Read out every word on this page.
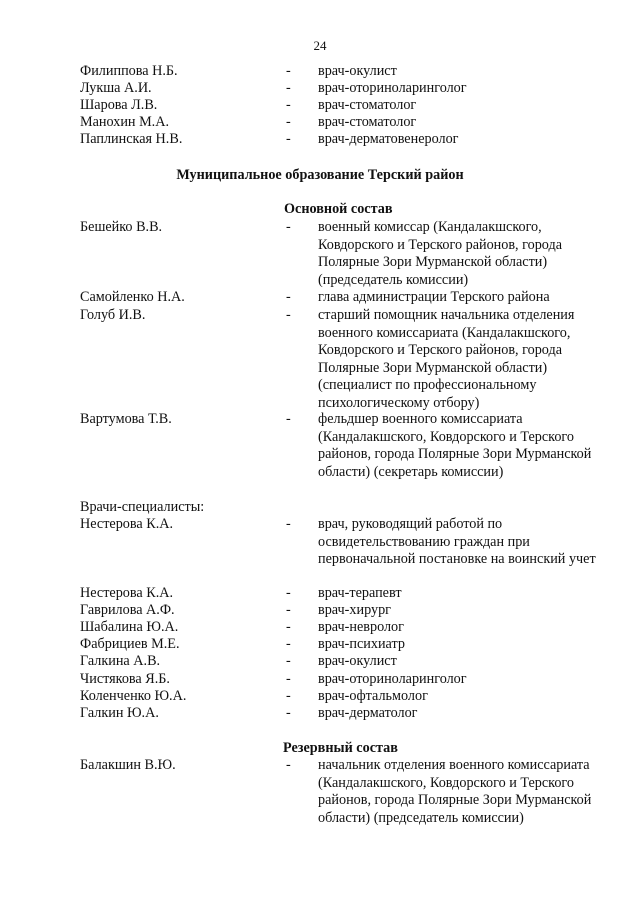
24
Филиппова Н.Б.	- врач-окулист
Лукша А.И.	- врач-оториноларинголог
Шарова Л.В.	- врач-стоматолог
Манохин М.А.	- врач-стоматолог
Паплинская Н.В.	- врач-дерматовенеролог
Муниципальное образование Терский район
Основной состав
Бешейко В.В.	- военный комиссар (Кандалакшского, Ковдорского и Терского районов, города Полярные Зори Мурманской области) (председатель комиссии)
Самойленко Н.А.	- глава администрации Терского района
Голуб И.В.	- старший помощник начальника отделения военного комиссариата (Кандалакшского, Ковдорского и Терского районов, города Полярные Зори Мурманской области) (специалист по профессиональному психологическому отбору)
Вартумова Т.В.	- фельдшер военного комиссариата (Кандалакшского, Ковдорского и Терского районов, города Полярные Зори Мурманской области) (секретарь комиссии)
Врачи-специалисты:
Нестерова К.А.	- врач, руководящий работой по освидетельствованию граждан при первоначальной постановке на воинский учет
Нестерова К.А.	- врач-терапевт
Гаврилова А.Ф.	- врач-хирург
Шабалина Ю.А.	- врач-невролог
Фабрициев М.Е.	- врач-психиатр
Галкина А.В.	- врач-окулист
Чистякова Я.Б.	- врач-оториноларинголог
Коленченко Ю.А.	- врач-офтальмолог
Галкин Ю.А.	- врач-дерматолог
Резервный состав
Балакшин В.Ю.	- начальник отделения военного комиссариата (Кандалакшского, Ковдорского и Терского районов, города Полярные Зори Мурманской области) (председатель комиссии)
